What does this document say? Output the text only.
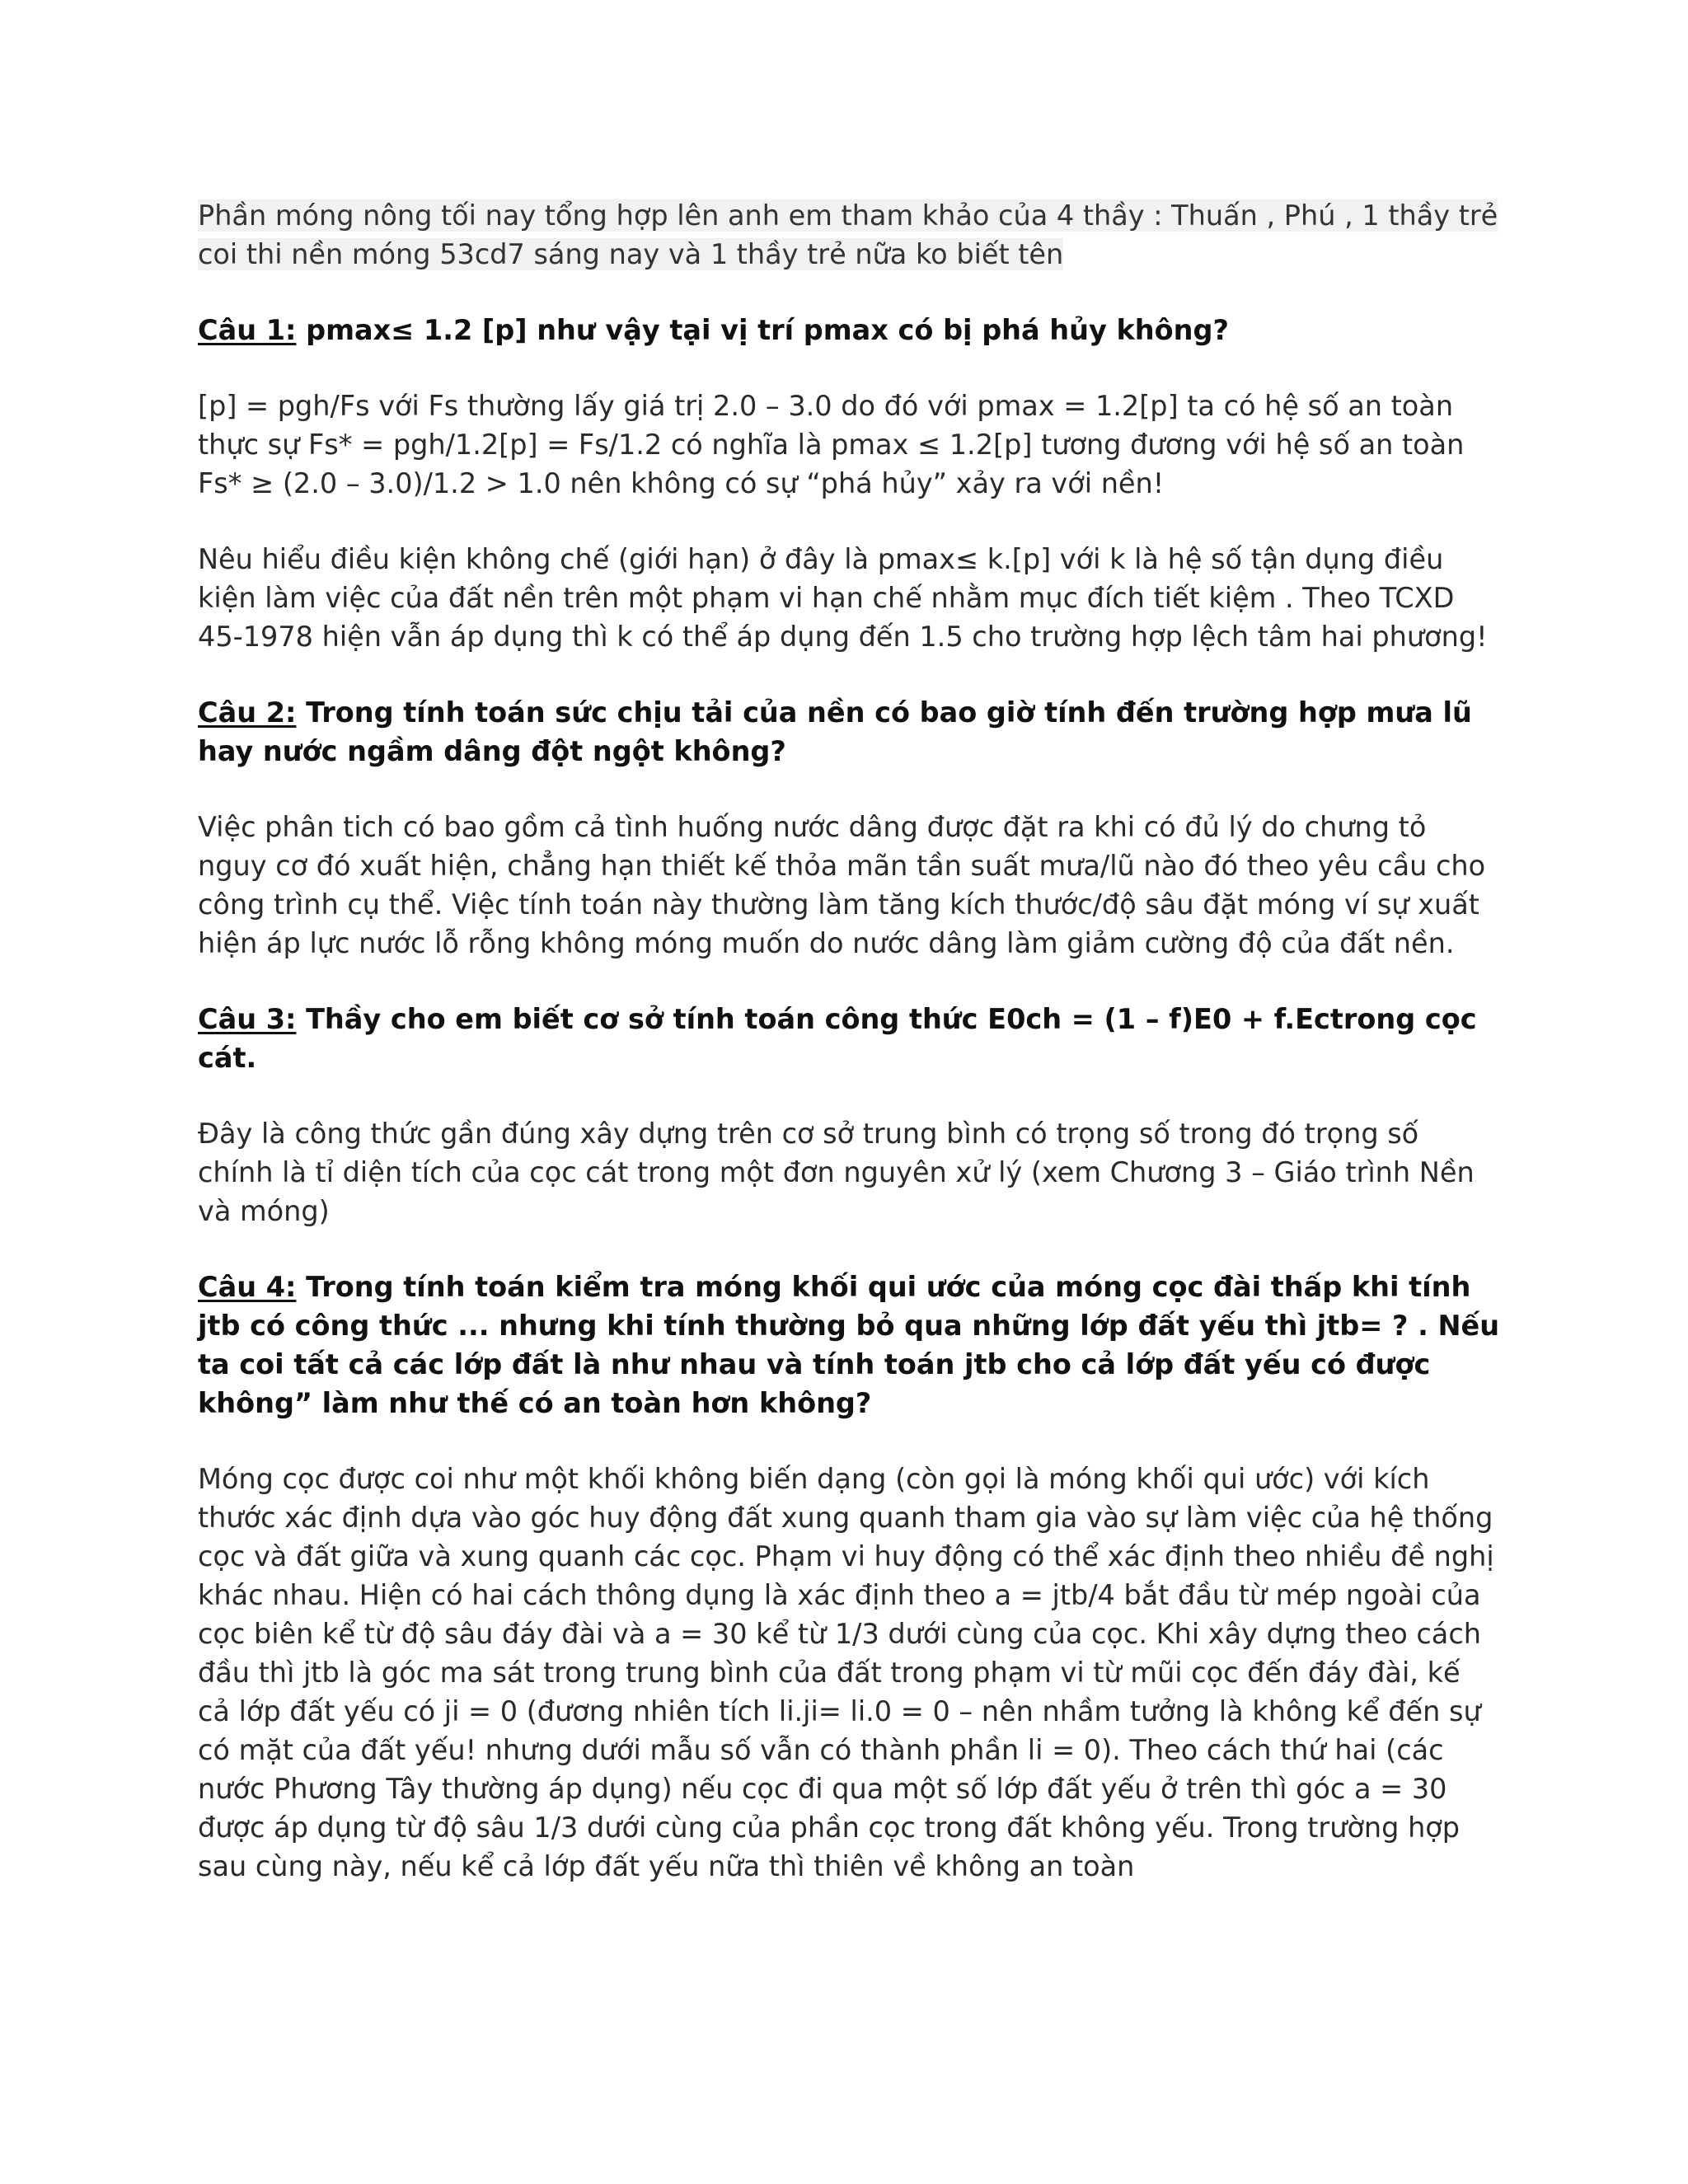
Phần móng nông tối nay tổng hợp lên anh em tham khảo của 4 thầy : Thuấn , Phú , 1 thầy trẻ coi thi nền móng 53cd7 sáng nay và 1 thầy trẻ nữa ko biết tên

Câu 1: pmax≤ 1.2 [p] như vậy tại vị trí pmax có bị phá hủy không?

[p] = pgh/Fs với Fs thường lấy giá trị 2.0 – 3.0 do đó với pmax = 1.2[p] ta có hệ số an toàn thực sự Fs* = pgh/1.2[p] = Fs/1.2 có nghĩa là pmax ≤ 1.2[p] tương đương với hệ số an toàn Fs* ≥ (2.0 – 3.0)/1.2 > 1.0 nên không có sự “phá hủy” xảy ra với nền!

Nêu hiểu điều kiện không chế (giới hạn) ở đây là pmax≤ k.[p] với k là hệ số tận dụng điều kiện làm việc của đất nền trên một phạm vi hạn chế nhằm mục đích tiết kiệm . Theo TCXD 45-1978 hiện vẫn áp dụng thì k có thể áp dụng đến 1.5 cho trường hợp lệch tâm hai phương!

Câu 2: Trong tính toán sức chịu tải của nền có bao giờ tính đến trường hợp mưa lũ hay nước ngầm dâng đột ngột không?

Việc phân tich có bao gồm cả tình huống nước dâng được đặt ra khi có đủ lý do chưng tỏ nguy cơ đó xuất hiện, chẳng hạn thiết kế thỏa mãn tần suất mưa/lũ nào đó theo yêu cầu cho công trình cụ thể. Việc tính toán này thường làm tăng kích thước/độ sâu đặt móng ví sự xuất hiện áp lực nước lỗ rỗng không móng muốn do nước dâng làm giảm cường độ của đất nền.

Câu 3: Thầy cho em biết cơ sở tính toán công thức E0ch = (1 – f)E0 + f.Ectrong cọc cát.

Đây là công thức gần đúng xây dựng trên cơ sở trung bình có trọng số trong đó trọng số chính là tỉ diện tích của cọc cát trong một đơn nguyên xử lý (xem Chương 3 – Giáo trình Nền và móng)

Câu 4: Trong tính toán kiểm tra móng khối qui ước của móng cọc đài thấp khi tính jtb có công thức ... nhưng khi tính thường bỏ qua những lớp đất yếu thì jtb= ? . Nếu ta coi tất cả các lớp đất là như nhau và tính toán jtb cho cả lớp đất yếu có được không” làm như thế có an toàn hơn không?

Móng cọc được coi như một khối không biến dạng (còn gọi là móng khối qui ước) với kích thước xác định dựa vào góc huy động đất xung quanh tham gia vào sự làm việc của hệ thống cọc và đất giữa và xung quanh các cọc. Phạm vi huy động có thể xác định theo nhiều đề nghị khác nhau. Hiện có hai cách thông dụng là xác định theo a = jtb/4 bắt đầu từ mép ngoài của cọc biên kể từ độ sâu đáy đài và a = 30 kể từ 1/3 dưới cùng của cọc. Khi xây dựng theo cách đầu thì jtb là góc ma sát trong trung bình của đất trong phạm vi từ mũi cọc đến đáy đài, kế cả lớp đất yếu có ji = 0 (đương nhiên tích li.ji= li.0 = 0 – nên nhầm tưởng là không kể đến sự có mặt của đất yếu! nhưng dưới mẫu số vẫn có thành phần li = 0). Theo cách thứ hai (các nước Phương Tây thường áp dụng) nếu cọc đi qua một số lớp đất yếu ở trên thì góc a = 30 được áp dụng từ độ sâu 1/3 dưới cùng của phần cọc trong đất không yếu. Trong trường hợp sau cùng này, nếu kể cả lớp đất yếu nữa thì thiên về không an toàn
